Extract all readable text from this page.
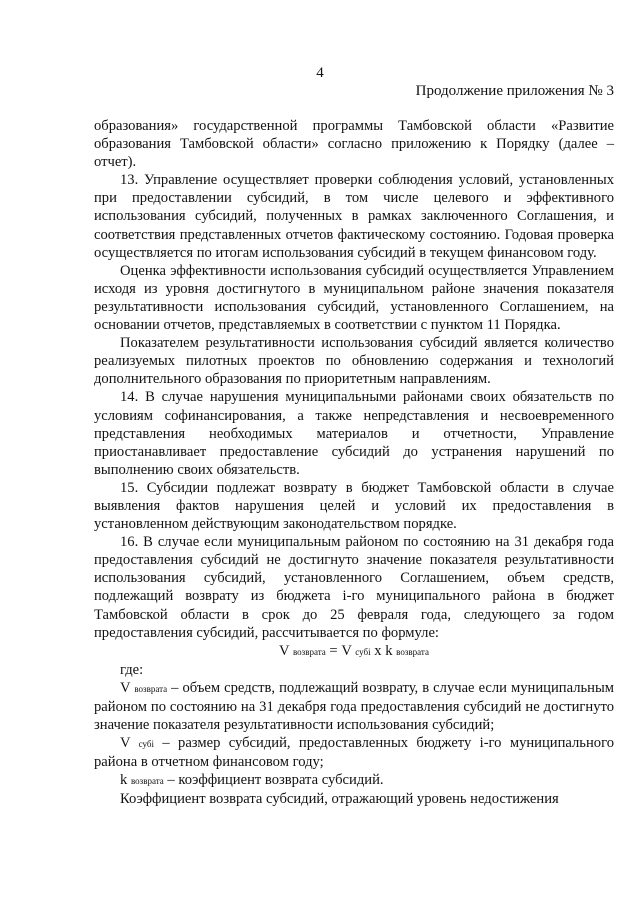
4
Продолжение приложения № 3

образования» государственной программы Тамбовской области «Развитие образования Тамбовской области» согласно приложению к Порядку (далее – отчет).

13. Управление осуществляет проверки соблюдения условий, установленных при предоставлении субсидий, в том числе целевого и эффективного использования субсидий, полученных в рамках заключенного Соглашения, и соответствия представленных отчетов фактическому состоянию. Годовая проверка осуществляется по итогам использования субсидий в текущем финансовом году.

Оценка эффективности использования субсидий осуществляется Управлением исходя из уровня достигнутого в муниципальном районе значения показателя результативности использования субсидий, установленного Соглашением, на основании отчетов, представляемых в соответствии с пунктом 11 Порядка.

Показателем результативности использования субсидий является количество реализуемых пилотных проектов по обновлению содержания и технологий дополнительного образования по приоритетным направлениям.

14. В случае нарушения муниципальными районами своих обязательств по условиям софинансирования, а также непредставления и несвоевременного представления необходимых материалов и отчетности, Управление приостанавливает предоставление субсидий до устранения нарушений по выполнению своих обязательств.

15. Субсидии подлежат возврату в бюджет Тамбовской области в случае выявления фактов нарушения целей и условий их предоставления в установленном действующим законодательством порядке.

16. В случае если муниципальным районом по состоянию на 31 декабря года предоставления субсидий не достигнуто значение показателя результативности использования субсидий, установленного Соглашением, объем средств, подлежащий возврату из бюджета i-го муниципального района в бюджет Тамбовской области в срок до 25 февраля года, следующего за годом предоставления субсидий, рассчитывается по формуле:

V возврата = V субi x k возврата

где:

V возврата – объем средств, подлежащий возврату, в случае если муниципальным районом по состоянию на 31 декабря года предоставления субсидий не достигнуто значение показателя результативности использования субсидий;

V субi – размер субсидий, предоставленных бюджету i-го муниципального района в отчетном финансовом году;

k возврата – коэффициент возврата субсидий.

Коэффициент возврата субсидий, отражающий уровень недостижения
